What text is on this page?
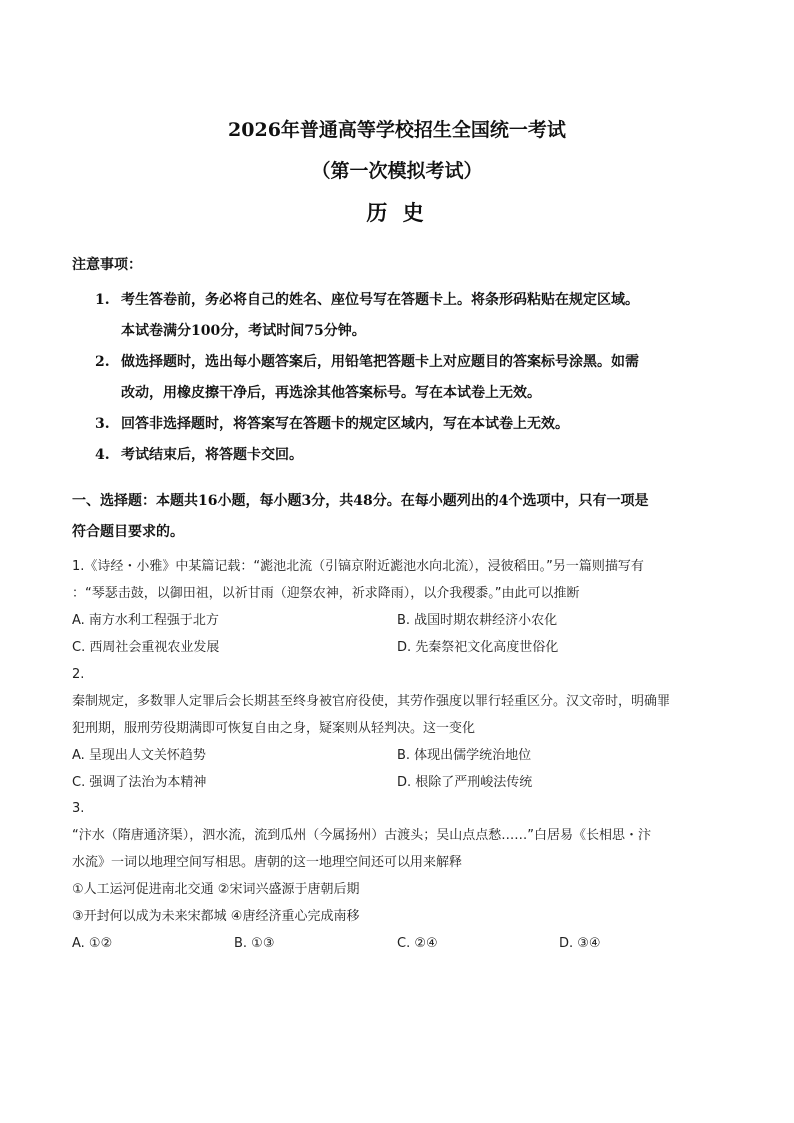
2026年普通高等学校招生全国统一考试
（第一次模拟考试）
历 史
注意事项：
1. 考生答卷前，务必将自己的姓名、座位号写在答题卡上。将条形码粘贴在规定区域。
本试卷满分100分，考试时间75分钟。
2. 做选择题时，选出每小题答案后，用铅笔把答题卡上对应题目的答案标号涂黑。如需
改动，用橡皮擦干净后，再选涂其他答案标号。写在本试卷上无效。
3. 回答非选择题时，将答案写在答题卡的规定区域内，写在本试卷上无效。
4. 考试结束后，将答题卡交回。
一、选择题：本题共16小题，每小题3分，共48分。在每小题列出的4个选项中，只有一项是
符合题目要求的。
1.《诗经・小雅》中某篇记载：“滮池北流（引镐京附近滮池水向北流），浸彼稻田。”另一篇则描写有
：“琴瑟击鼓，以御田祖，以祈甘雨（迎祭农神，祈求降雨），以介我稷黍。”由此可以推断
A. 南方水利工程强于北方	B. 战国时期农耕经济小农化
C. 西周社会重视农业发展	D. 先秦祭祀文化高度世俗化
2.
秦制规定，多数罪人定罪后会长期甚至终身被官府役使，其劳作强度以罪行轻重区分。汉文帝时，明确罪
犯刑期，服刑劳役期满即可恢复自由之身，疑案则从轻判决。这一变化
A. 呈现出人文关怀趋势	B. 体现出儒学统治地位
C. 强调了法治为本精神	D. 根除了严刑峻法传统
3.
“汴水（隋唐通济渠），泗水流，流到瓜州（今属扬州）古渡头；吴山点点愁……”白居易《长相思・汴
水流》一词以地理空间写相思。唐朝的这一地理空间还可以用来解释
①人工运河促进南北交通 ②宋词兴盛源于唐朝后期
③开封何以成为未来宋都城 ④唐经济重心完成南移
A. ①②	B. ①③	C. ②④	D. ③④
